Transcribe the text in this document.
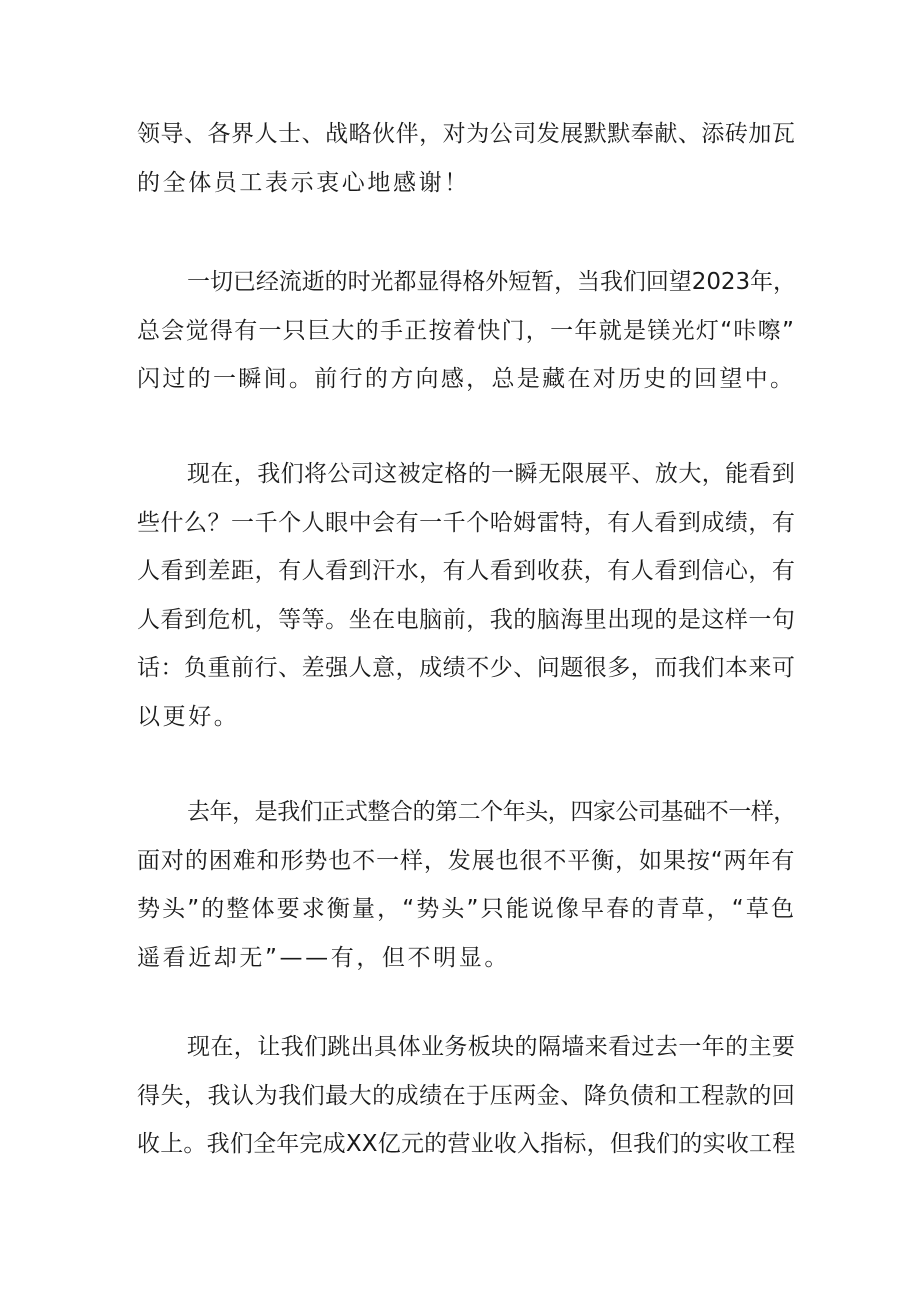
领导、各界人士、战略伙伴，对为公司发展默默奉献、添砖加瓦
的全体员工表示衷心地感谢！

一切已经流逝的时光都显得格外短暂，当我们回望2023年，
总会觉得有一只巨大的手正按着快门，一年就是镁光灯“咔嚓”
闪过的一瞬间。前行的方向感，总是藏在对历史的回望中。

现在，我们将公司这被定格的一瞬无限展平、放大，能看到
些什么？一千个人眼中会有一千个哈姆雷特，有人看到成绩，有
人看到差距，有人看到汗水，有人看到收获，有人看到信心，有
人看到危机，等等。坐在电脑前，我的脑海里出现的是这样一句
话：负重前行、差强人意，成绩不少、问题很多，而我们本来可
以更好。

去年，是我们正式整合的第二个年头，四家公司基础不一样，
面对的困难和形势也不一样，发展也很不平衡，如果按“两年有
势头”的整体要求衡量，“势头”只能说像早春的青草，“草色
遥看近却无”——有，但不明显。

现在，让我们跳出具体业务板块的隔墙来看过去一年的主要
得失，我认为我们最大的成绩在于压两金、降负债和工程款的回
收上。我们全年完成XX亿元的营业收入指标，但我们的实收工程
